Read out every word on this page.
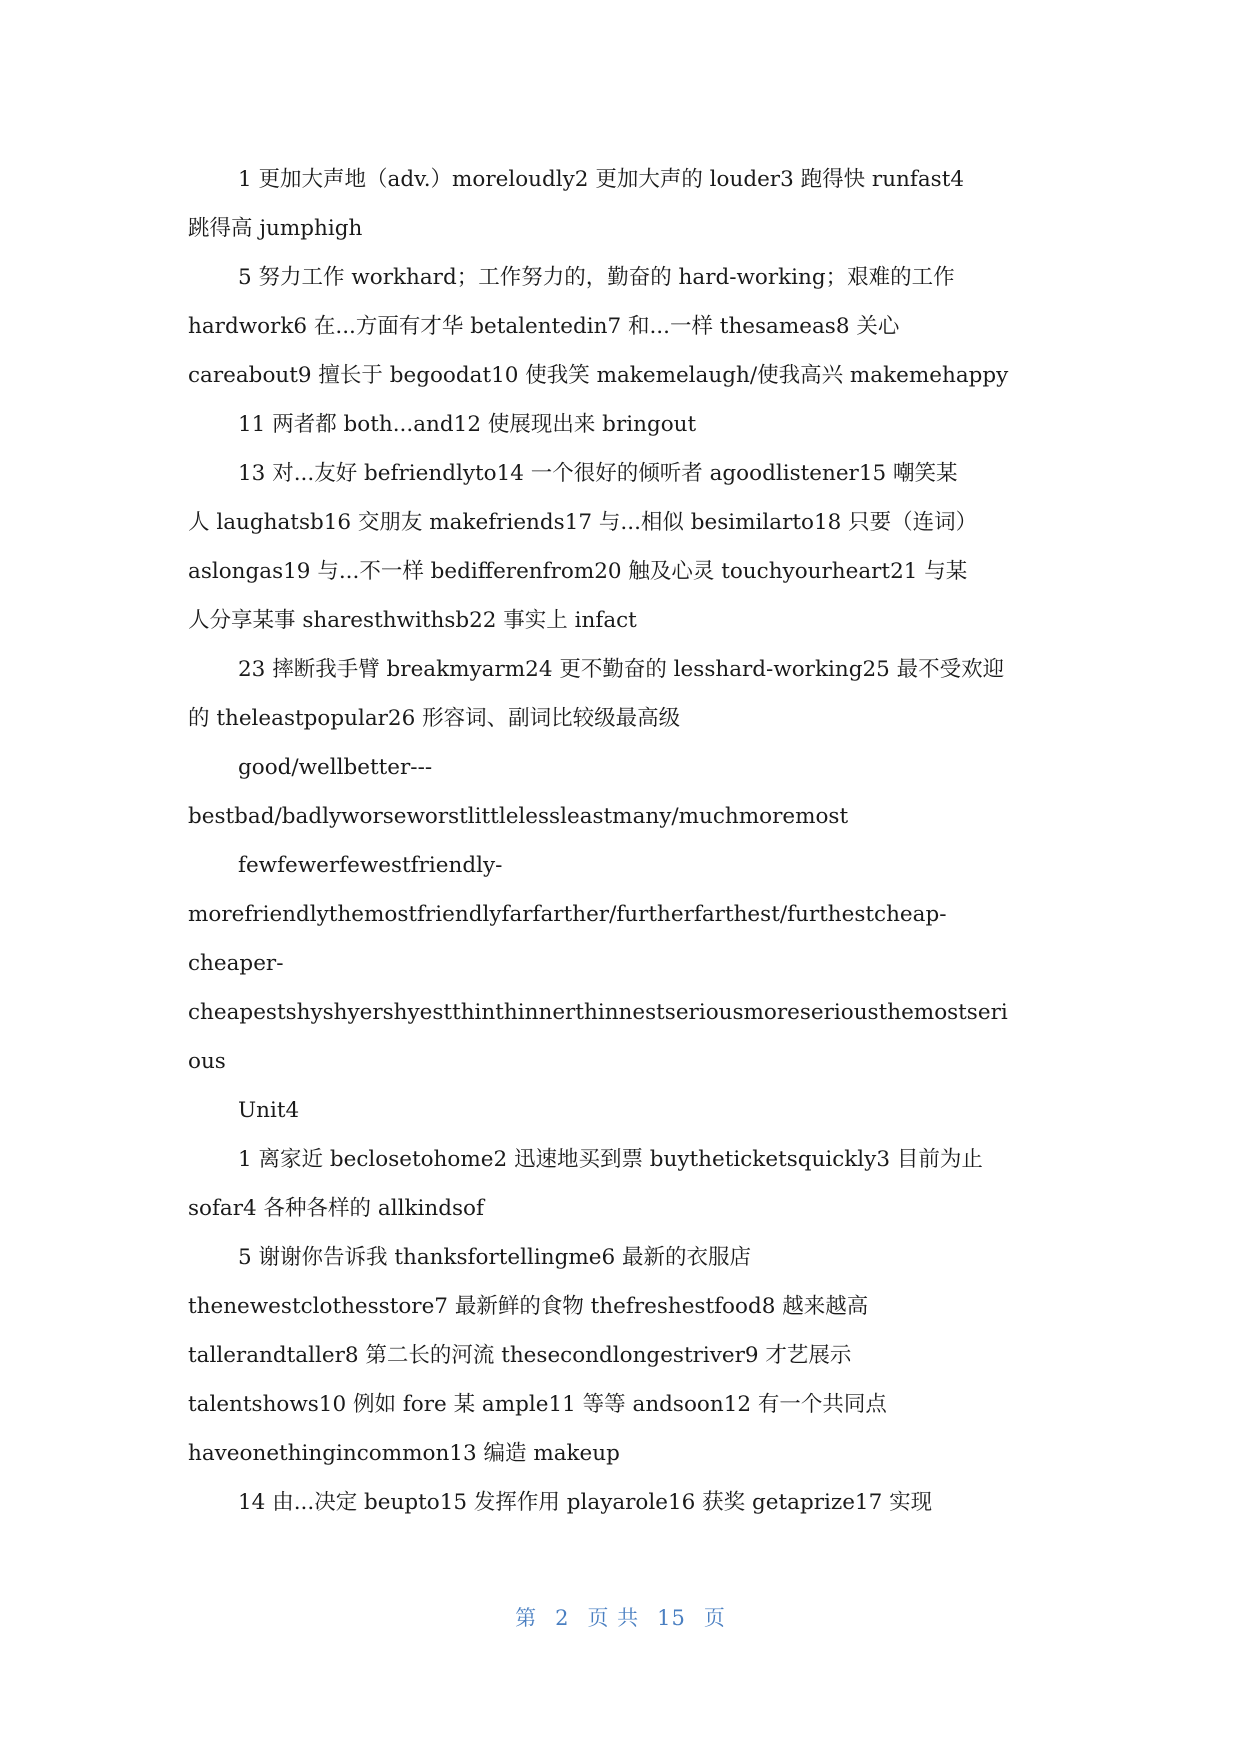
1 更加大声地（adv.）moreloudly2 更加大声的 louder3 跑得快 runfast4
跳得高 jumphigh
5 努力工作 workhard；工作努力的，勤奋的 hard-working；艰难的工作
hardwork6 在...方面有才华 betalentedin7 和...一样 thesameas8 关心
careabout9 擅长于 begoodat10 使我笑 makemelaugh/使我高兴 makemehappy
11 两者都 both...and12 使展现出来 bringout
13 对...友好 befriendlyto14 一个很好的倾听者 agoodlistener15 嘲笑某
人 laughatsb16 交朋友 makefriends17 与...相似 besimilarto18 只要（连词）
aslongas19 与...不一样 bedifferenfrom20 触及心灵 touchyourheart21 与某
人分享某事 sharesthwithsb22 事实上 infact
23 摔断我手臂 breakmyarm24 更不勤奋的 lesshard-working25 最不受欢迎
的 theleastpopular26 形容词、副词比较级最高级
good/wellbetter---
bestbad/badlyworseworstlittlelessleastmany/muchmoremost
fewfewerfewestfriendly-
morefriendlythemostfriendlyfarfarther/furtherfarthest/furthestcheap-
cheaper-
cheapestshyshyershyestthinthinnerthinnestseriousmoreseriousthemostseri
ous
Unit4
1 离家近 beclosetohome2 迅速地买到票 buytheticketsquickly3 目前为止
sofar4 各种各样的 allkindsof
5 谢谢你告诉我 thanksfortellingme6 最新的衣服店
thenewestclothesstore7 最新鲜的食物 thefreshestfood8 越来越高
tallerandtaller8 第二长的河流 thesecondlongestriver9 才艺展示
talentshows10 例如 fore 某 ample11 等等 andsoon12 有一个共同点
haveonethingincommon13 编造 makeup
14 由...决定 beupto15 发挥作用 playarole16 获奖 getaprize17 实现
第 2 页 共 15 页
